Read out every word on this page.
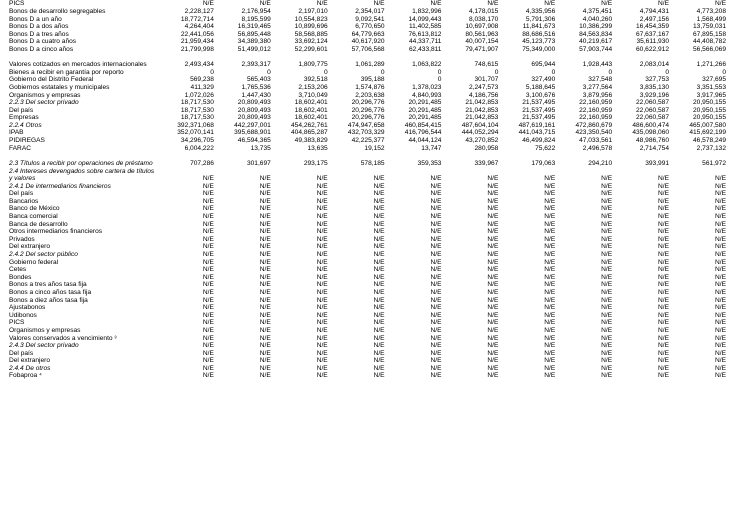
PICS	N/E	N/E	N/E	N/E	N/E	N/E	N/E	N/E	N/E	N/E
Bonos de desarrollo segregables	2,228,127	2,176,954	2,197,010	2,354,017	1,832,996	4,178,015	4,335,956	4,375,451	4,794,431	4,773,208
Bonos D a un año	18,772,714	8,195,599	10,554,823	9,092,541	14,099,443	8,038,170	5,791,306	4,040,260	2,497,156	1,568,499
Bonos D a dos años	4,264,404	16,319,465	10,899,696	6,770,650	11,402,585	10,697,908	11,841,673	10,386,299	16,454,359	13,759,031
Bonos D a tres años	22,441,056	56,895,448	58,568,885	64,779,663	76,613,812	80,561,963	88,686,516	84,563,834	67,637,167	67,895,158
Bonos D a cuatro años	21,959,434	34,389,380	33,692,124	40,617,920	44,337,711	40,007,154	45,123,773	40,219,617	35,611,930	44,408,782
Bonos D a cinco años	21,799,998	51,499,012	52,299,601	57,706,568	62,433,811	79,471,907	75,349,000	57,903,744	60,622,912	56,566,069
Valores cotizados en mercados internacionales	2,493,434	2,393,317	1,809,775	1,061,289	1,063,822	748,615	695,944	1,928,443	2,083,014	1,271,266
Bienes a recibir en garantía por reporto	0	0	0	0	0	0	0	0	0	0
Gobierno del Distrito Federal	569,238	565,403	392,518	395,188	0	301,707	327,490	327,548	327,753	327,695
Gobiernos estatales y municipales	411,329	1,765,536	2,153,206	1,574,876	1,378,023	2,247,573	5,188,645	3,277,564	3,835,130	3,351,553
Organismos y empresas	1,072,026	1,447,430	3,710,049	2,203,638	4,840,993	4,186,756	3,100,676	3,879,956	3,929,196	3,917,965
2.2.3 Del sector privado	18,717,530	20,809,493	18,602,401	20,296,776	20,291,485	21,042,853	21,537,495	22,160,959	22,060,587	20,950,155
Del país	18,717,530	20,809,493	18,602,401	20,296,776	20,291,485	21,042,853	21,537,495	22,160,959	22,060,587	20,950,155
Empresas	18,717,530	20,809,493	18,602,401	20,296,776	20,291,485	21,042,853	21,537,495	22,160,959	22,060,587	20,950,155
2.2.4 Otros	392,371,068	442,297,001	454,262,761	474,947,658	460,854,415	487,604,104	487,619,161	472,860,679	486,600,474	465,007,580
IPAB	352,070,141	395,688,901	404,865,287	432,703,329	416,796,544	444,052,294	441,043,715	423,350,540	435,098,060	415,692,199
PIDIREGAS	34,296,705	46,594,365	49,383,829	42,225,377	44,044,124	43,270,852	46,499,824	47,033,561	48,986,760	46,578,249
FARAC	6,004,222	13,735	13,635	19,152	13,747	280,958	75,622	2,496,578	2,714,754	2,737,132
2.3 Títulos a recibir por operaciones de préstamo	707,286	301,697	293,175	578,185	359,353	339,967	179,063	294,210	393,991	561,972
2.4 Intereses devengados sobre cartera de títulos y valores	N/E	N/E	N/E	N/E	N/E	N/E	N/E	N/E	N/E	N/E
2.4.1 De intermediarios financieros	N/E	N/E	N/E	N/E	N/E	N/E	N/E	N/E	N/E	N/E
Del país	N/E	N/E	N/E	N/E	N/E	N/E	N/E	N/E	N/E	N/E
Bancarios	N/E	N/E	N/E	N/E	N/E	N/E	N/E	N/E	N/E	N/E
Banco de México	N/E	N/E	N/E	N/E	N/E	N/E	N/E	N/E	N/E	N/E
Banca comercial	N/E	N/E	N/E	N/E	N/E	N/E	N/E	N/E	N/E	N/E
Banca de desarrollo	N/E	N/E	N/E	N/E	N/E	N/E	N/E	N/E	N/E	N/E
Otros intermediarios financieros	N/E	N/E	N/E	N/E	N/E	N/E	N/E	N/E	N/E	N/E
Privados	N/E	N/E	N/E	N/E	N/E	N/E	N/E	N/E	N/E	N/E
Del extranjero	N/E	N/E	N/E	N/E	N/E	N/E	N/E	N/E	N/E	N/E
2.4.2 Del sector público	N/E	N/E	N/E	N/E	N/E	N/E	N/E	N/E	N/E	N/E
Gobierno federal	N/E	N/E	N/E	N/E	N/E	N/E	N/E	N/E	N/E	N/E
Cetes	N/E	N/E	N/E	N/E	N/E	N/E	N/E	N/E	N/E	N/E
Bondes	N/E	N/E	N/E	N/E	N/E	N/E	N/E	N/E	N/E	N/E
Bonos a tres años tasa fija	N/E	N/E	N/E	N/E	N/E	N/E	N/E	N/E	N/E	N/E
Bonos a cinco años tasa fija	N/E	N/E	N/E	N/E	N/E	N/E	N/E	N/E	N/E	N/E
Bonos a diez años tasa fija	N/E	N/E	N/E	N/E	N/E	N/E	N/E	N/E	N/E	N/E
Ajustabonos	N/E	N/E	N/E	N/E	N/E	N/E	N/E	N/E	N/E	N/E
Udibonos	N/E	N/E	N/E	N/E	N/E	N/E	N/E	N/E	N/E	N/E
PICS	N/E	N/E	N/E	N/E	N/E	N/E	N/E	N/E	N/E	N/E
Organismos y empresas	N/E	N/E	N/E	N/E	N/E	N/E	N/E	N/E	N/E	N/E
Valores conservados a vencimiento ³	N/E	N/E	N/E	N/E	N/E	N/E	N/E	N/E	N/E	N/E
2.4.3 Del sector privado	N/E	N/E	N/E	N/E	N/E	N/E	N/E	N/E	N/E	N/E
Del país	N/E	N/E	N/E	N/E	N/E	N/E	N/E	N/E	N/E	N/E
Del extranjero	N/E	N/E	N/E	N/E	N/E	N/E	N/E	N/E	N/E	N/E
2.4.4 De otros	N/E	N/E	N/E	N/E	N/E	N/E	N/E	N/E	N/E	N/E
Fobaproa ⁴	N/E	N/E	N/E	N/E	N/E	N/E	N/E	N/E	N/E	N/E
